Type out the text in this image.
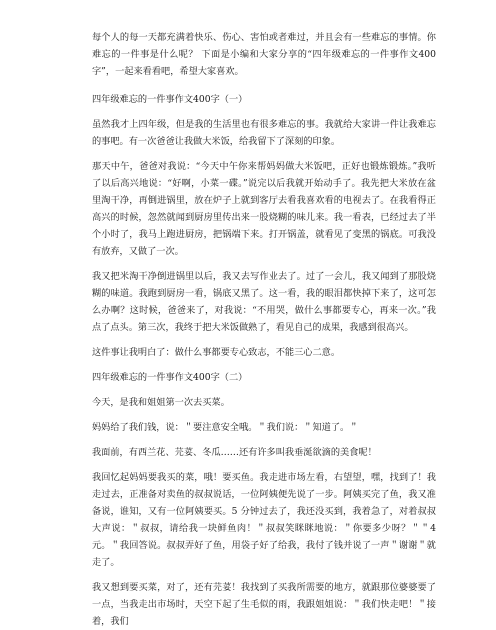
每个人的每一天都充满着快乐、伤心、害怕或者难过，并且会有一些难忘的事情。你难忘的一件事是什么呢？ 下面是小编和大家分享的“四年级难忘的一件事作文400字”，一起来看看吧，希望大家喜欢。

四年级难忘的一件事作文400字（一）

虽然我才上四年级，但是我的生活里也有很多难忘的事。我就给大家讲一件让我难忘的事吧。有一次爸爸让我做大米饭，给我留下了深刻的印象。

那天中午，爸爸对我说：“今天中午你来帮妈妈做大米饭吧，正好也锻炼锻炼。”我听了以后高兴地说：“好啊，小菜一碟。”说完以后我就开始动手了。我先把大米放在盆里淘干净，再倒进锅里，放在炉子上就到客厅去看我喜欢看的电视去了。在我看得正高兴的时候，忽然就闻到厨房里传出来一股烧糊的味儿来。我一看表，已经过去了半个小时了，我马上跑进厨房，把锅端下来。打开锅盖，就看见了变黑的锅底。可我没有放弃，又做了一次。

我又把米淘干净倒进锅里以后，我又去写作业去了。过了一会儿，我又闻到了那股烧糊的味道。我跑到厨房一看，锅底又黑了。这一看，我的眼泪都快掉下来了，这可怎么办啊？这时候，爸爸来了，对我说：“不用哭，做什么事都要专心，再来一次。”我点了点头。第三次，我终于把大米饭做熟了，看见自己的成果，我感到很高兴。

这件事让我明白了：做什么事都要专心致志，不能三心二意。

四年级难忘的一件事作文400字（二）

今天，是我和姐姐第一次去买菜。

妈妈给了我们钱，说：＂要注意安全哦。＂我们说：＂知道了。＂

我面前，有西兰花、芫荽、冬瓜……还有许多叫我垂涎欲滴的美食呢！

我回忆起妈妈要我买的菜，哦！要买鱼。我走进市场左看，右望望，嘿，找到了！我走过去，正准备对卖鱼的叔叔说话，一位阿姨便先说了一步。阿姨买完了鱼，我又准备说，谁知，又有一位阿姨要买。5 分钟过去了，我还没买到，我着急了，对着叔叔大声说：＂叔叔，请给我一块鲜鱼肉！＂叔叔笑眯眯地说：＂你要多少呀？＂＂4 元。＂我回答说。叔叔弄好了鱼，用袋子好了给我，我付了钱并说了一声＂谢谢＂就走了。

我又想到要买菜，对了，还有芫荽！我找到了买我所需要的地方，就跟那位婆婆要了一点，当我走出市场时，天空下起了生毛似的雨，我跟姐姐说：＂我们快走吧！＂接着，我们
